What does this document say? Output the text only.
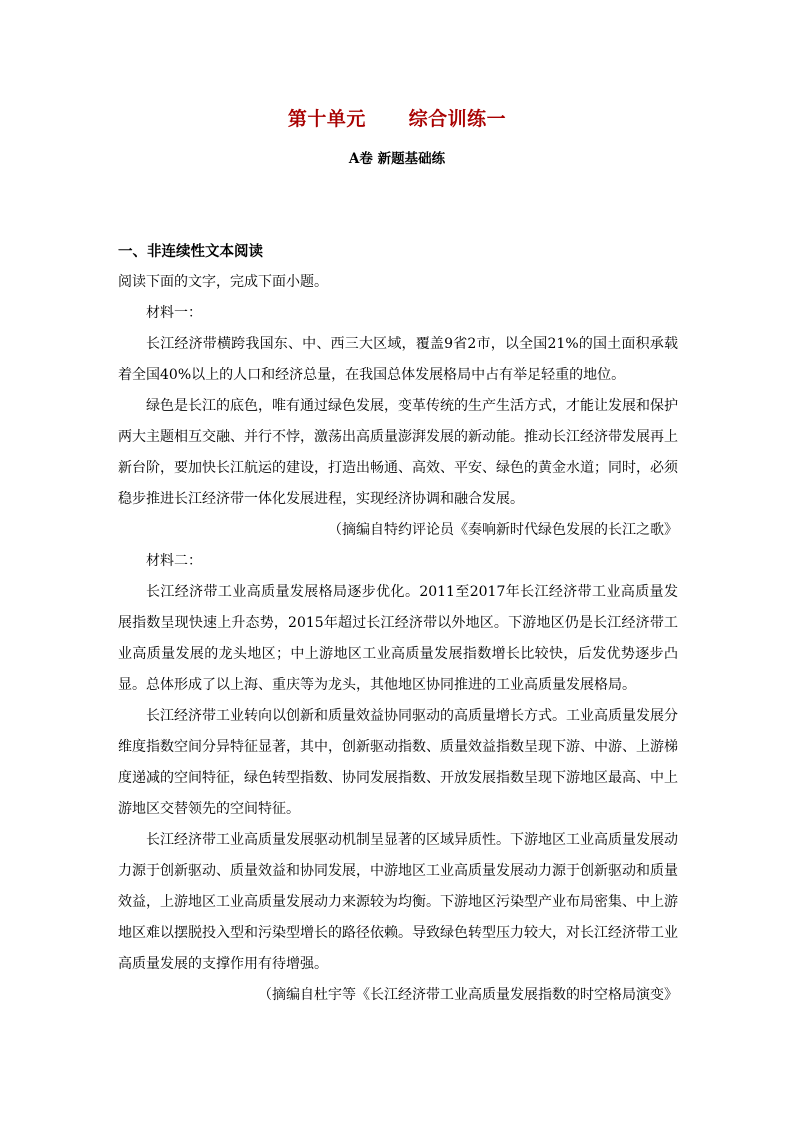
第十单元      综合训练一
A卷 新题基础练
一、非连续性文本阅读

阅读下面的文字，完成下面小题。

材料一：

长江经济带横跨我国东、中、西三大区域，覆盖9省2市，以全国21%的国土面积承载着全国40%以上的人口和经济总量，在我国总体发展格局中占有举足轻重的地位。

绿色是长江的底色，唯有通过绿色发展，变革传统的生产生活方式，才能让发展和保护两大主题相互交融、并行不悖，激荡出高质量澎湃发展的新动能。推动长江经济带发展再上新台阶，要加快长江航运的建设，打造出畅通、高效、平安、绿色的黄金水道；同时，必须稳步推进长江经济带一体化发展进程，实现经济协调和融合发展。

（摘编自特约评论员《奏响新时代绿色发展的长江之歌》

材料二：

长江经济带工业高质量发展格局逐步优化。2011至2017年长江经济带工业高质量发展指数呈现快速上升态势，2015年超过长江经济带以外地区。下游地区仍是长江经济带工业高质量发展的龙头地区；中上游地区工业高质量发展指数增长比较快，后发优势逐步凸显。总体形成了以上海、重庆等为龙头，其他地区协同推进的工业高质量发展格局。

长江经济带工业转向以创新和质量效益协同驱动的高质量增长方式。工业高质量发展分维度指数空间分异特征显著，其中，创新驱动指数、质量效益指数呈现下游、中游、上游梯度递减的空间特征，绿色转型指数、协同发展指数、开放发展指数呈现下游地区最高、中上游地区交替领先的空间特征。

长江经济带工业高质量发展驱动机制呈显著的区域异质性。下游地区工业高质量发展动力源于创新驱动、质量效益和协同发展，中游地区工业高质量发展动力源于创新驱动和质量效益，上游地区工业高质量发展动力来源较为均衡。下游地区污染型产业布局密集、中上游地区难以摆脱投入型和污染型增长的路径依赖。导致绿色转型压力较大，对长江经济带工业高质量发展的支撑作用有待增强。

（摘编自杜宇等《长江经济带工业高质量发展指数的时空格局演变》
